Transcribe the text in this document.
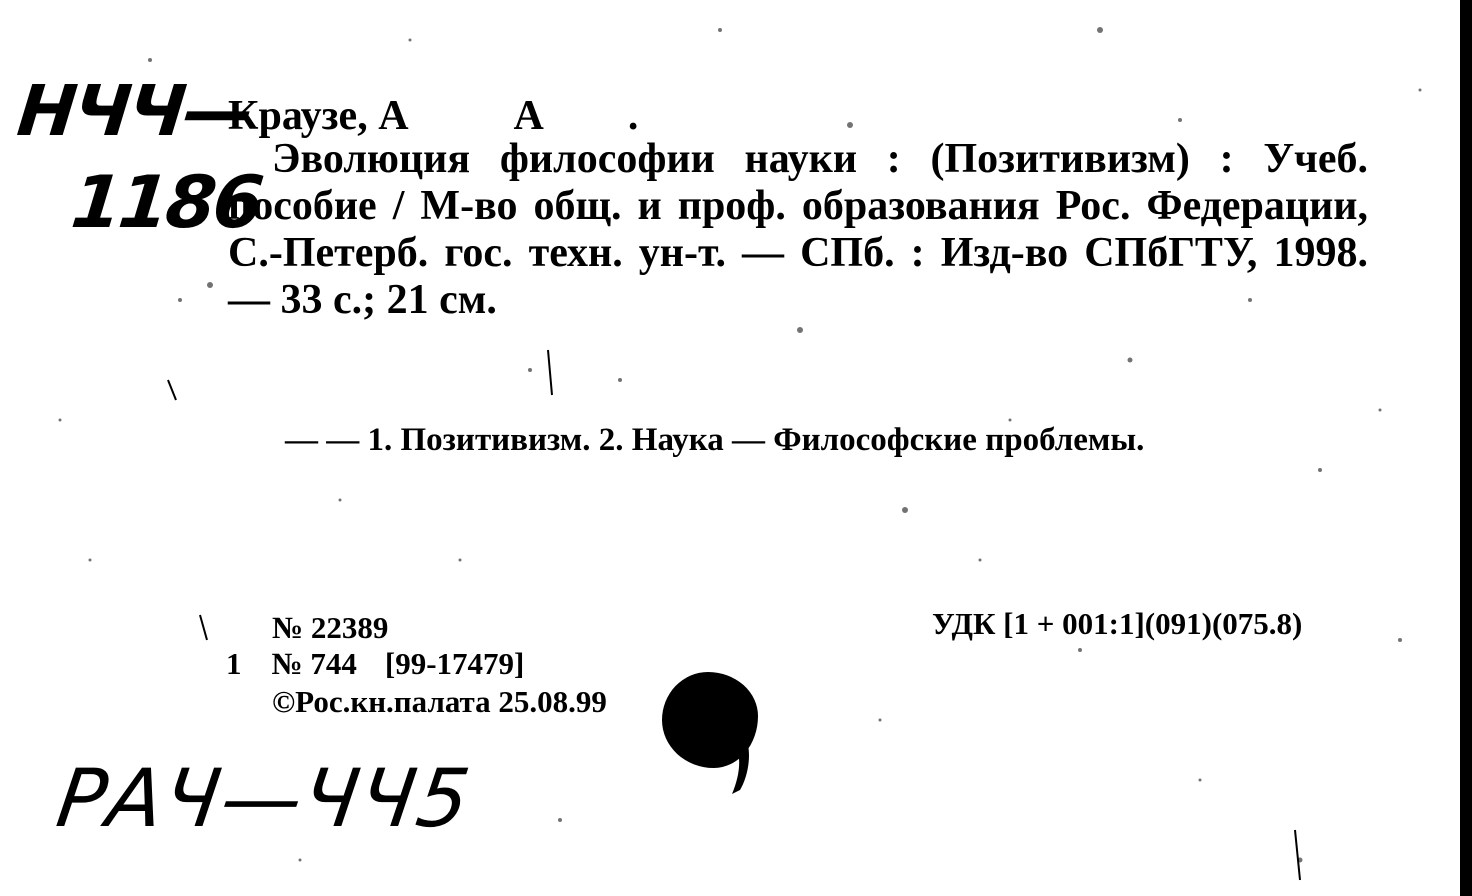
НЧЧ—
1186
Краузе, А          А        .
Эволюция философии науки : (Позитивизм) : Учеб. пособие / М-во общ. и проф. образования Рос. Федерации, С.-Петерб. гос. техн. ун-т. — СПб. : Изд-во СПбГТУ, 1998. — 33 с.; 21 см.
— — 1. Позитивизм. 2. Наука — Философские проблемы.
№ 22389
1 № 744 [99-17479]
©Рос.кн.палата 25.08.99
УДК [1 + 001:1](091)(075.8)
РАЧ—ЧЧ5
